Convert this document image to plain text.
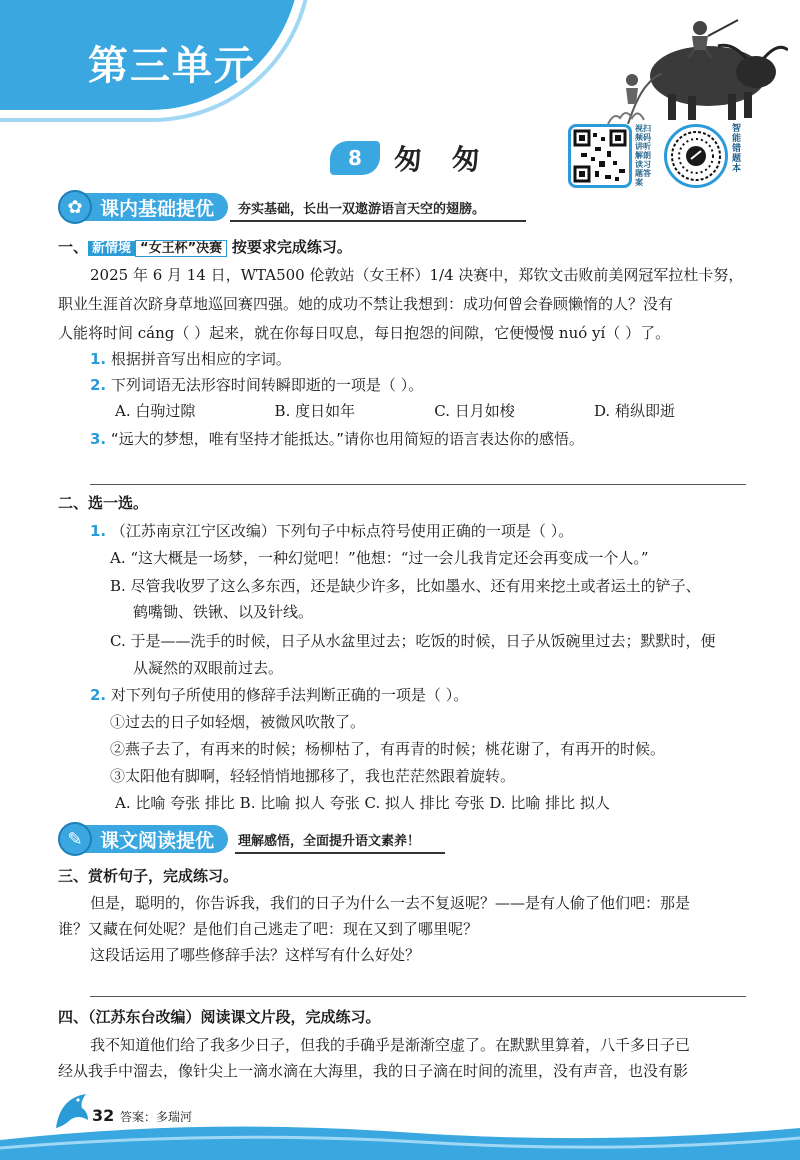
第三单元
8	匆 匆
视扫
频码
讲听
解朗
读习
题答
案
智
能
错
题
本
✿ 课内基础提优	夯实基础，长出一双遨游语言天空的翅膀。
一、 新情境 “女王杯”决赛 按要求完成练习。
2025 年 6 月 14 日，WTA500 伦敦站（女王杯）1/4 决赛中，郑钦文击败前美网冠军拉杜卡努，
职业生涯首次跻身草地巡回赛四强。她的成功不禁让我想到：成功何曾会眷顾懒惰的人？没有
人能将时间 cáng（ ）起来，就在你每日叹息，每日抱怨的间隙，它便慢慢 nuó yí（ ）了。
1. 根据拼音写出相应的字词。
2. 下列词语无法形容时间转瞬即逝的一项是（ ）。
A. 白驹过隙	B. 度日如年	C. 日月如梭	D. 稍纵即逝
3. “远大的梦想，唯有坚持才能抵达。”请你也用简短的语言表达你的感悟。
二、选一选。
1. （江苏南京江宁区改编）下列句子中标点符号使用正确的一项是（ ）。
A. “这大概是一场梦，一种幻觉吧！”他想：“过一会儿我肯定还会再变成一个人。”
B. 尽管我收罗了这么多东西，还是缺少许多，比如墨水、还有用来挖土或者运土的铲子、
鹤嘴锄、铁锹、以及针线。
C. 于是——洗手的时候，日子从水盆里过去；吃饭的时候，日子从饭碗里过去；默默时，便
从凝然的双眼前过去。
2. 对下列句子所使用的修辞手法判断正确的一项是（ ）。
①过去的日子如轻烟，被微风吹散了。
②燕子去了，有再来的时候；杨柳枯了，有再青的时候；桃花谢了，有再开的时候。
③太阳他有脚啊，轻轻悄悄地挪移了，我也茫茫然跟着旋转。
A. 比喻 夸张 排比 B. 比喻 拟人 夸张 C. 拟人 排比 夸张 D. 比喻 排比 拟人
✎ 课文阅读提优	理解感悟，全面提升语文素养！
三、赏析句子，完成练习。
但是，聪明的，你告诉我，我们的日子为什么一去不复返呢？——是有人偷了他们吧：那是
谁？又藏在何处呢？是他们自己逃走了吧：现在又到了哪里呢？
这段话运用了哪些修辞手法？这样写有什么好处？
四、（江苏东台改编）阅读课文片段，完成练习。
我不知道他们给了我多少日子，但我的手确乎是渐渐空虚了。在默默里算着，八千多日子已
经从我手中溜去，像针尖上一滴水滴在大海里，我的日子滴在时间的流里，没有声音，也没有影
32 答案：多瑞河
